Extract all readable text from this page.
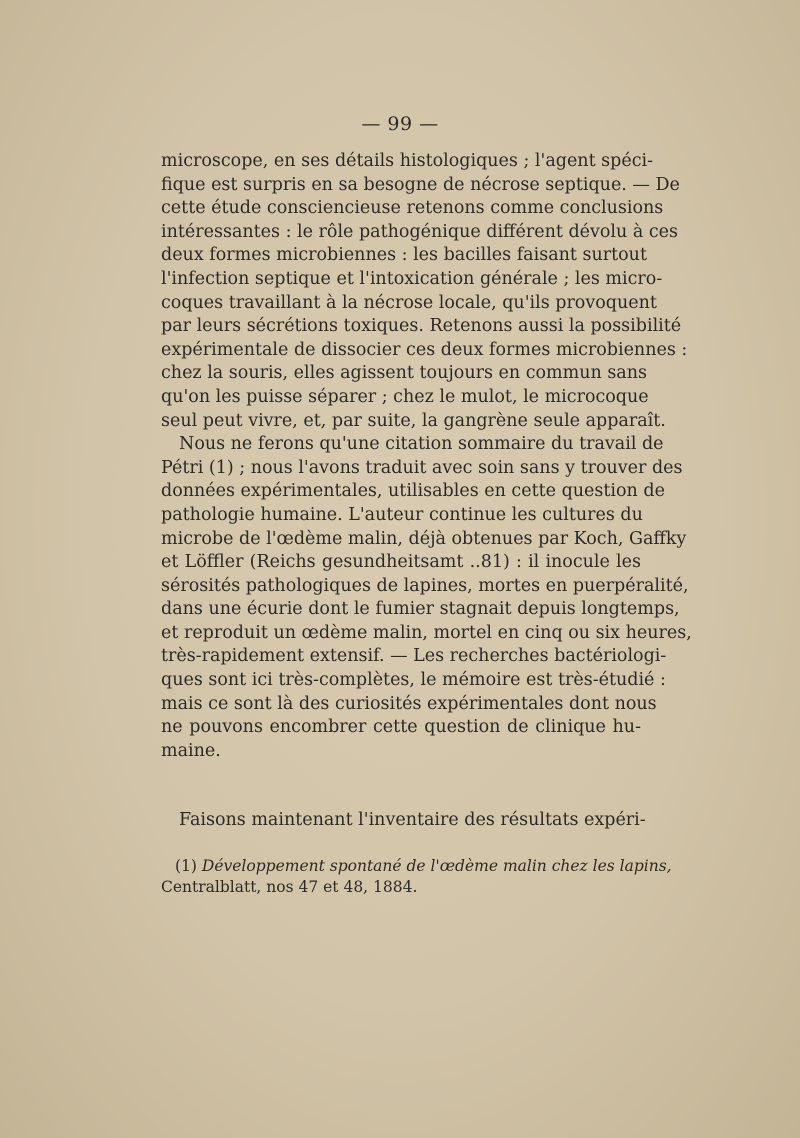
— 99 —
microscope, en ses détails histologiques ; l'agent spéci-
fique est surpris en sa besogne de nécrose septique. — De
cette étude consciencieuse retenons comme conclusions
intéressantes : le rôle pathogénique différent dévolu à ces
deux formes microbiennes : les bacilles faisant surtout
l'infection septique et l'intoxication générale ; les micro-
coques travaillant à la nécrose locale, qu'ils provoquent
par leurs sécrétions toxiques. Retenons aussi la possibilité
expérimentale de dissocier ces deux formes microbiennes :
chez la souris, elles agissent toujours en commun sans
qu'on les puisse séparer ; chez le mulot, le microcoque
seul peut vivre, et, par suite, la gangrène seule apparaît.
Nous ne ferons qu'une citation sommaire du travail de
Pétri (1) ; nous l'avons traduit avec soin sans y trouver des
données expérimentales, utilisables en cette question de
pathologie humaine. L'auteur continue les cultures du
microbe de l'œdème malin, déjà obtenues par Koch, Gaffky
et Löffler (Reichs gesundheitsamt ..81) : il inocule les
sérosités pathologiques de lapines, mortes en puerpéralité,
dans une écurie dont le fumier stagnait depuis longtemps,
et reproduit un œdème malin, mortel en cinq ou six heures,
très-rapidement extensif. — Les recherches bactériologi-
ques sont ici très-complètes, le mémoire est très-étudié :
mais ce sont là des curiosités expérimentales dont nous
ne pouvons encombrer cette question de clinique hu-
maine.
Faisons maintenant l'inventaire des résultats expéri-
(1) Développement spontané de l'œdème malin chez les lapins,
Centralblatt, nos 47 et 48, 1884.
